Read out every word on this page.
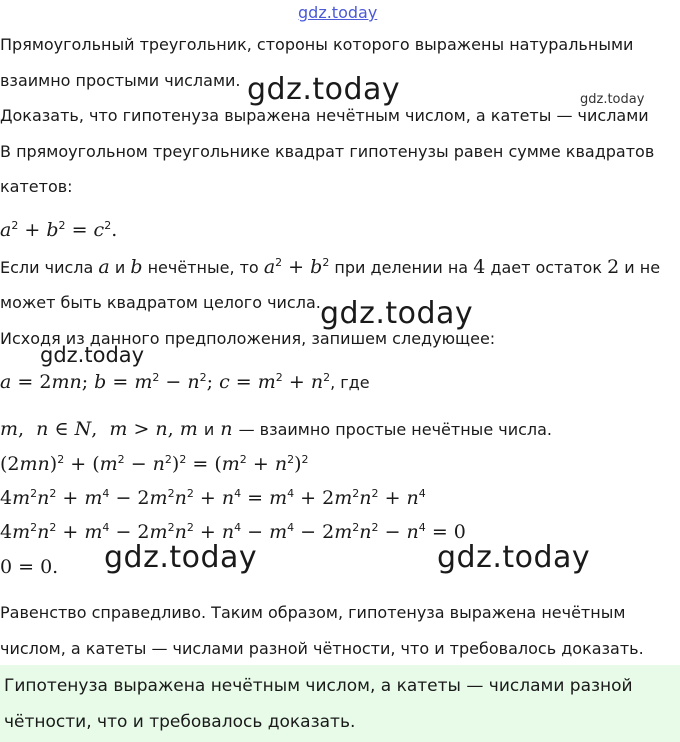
gdz.today
Прямоугольный треугольник, стороны которого выражены натуральными
взаимно простыми числами.
Доказать, что гипотенуза выражена нечётным числом, а катеты — числами
В прямоугольном треугольнике квадрат гипотенузы равен сумме квадратов
катетов:
$a^2 + b^2 = c^2$.
Если числа a и b нечётные, то $a^2 + b^2$ при делении на 4 дает остаток 2 и не
может быть квадратом целого числа.
Исходя из данного предположения, запишем следующее:
a = 2mn; $b = m^2 - n^2$; $c = m^2 + n^2$, где
m, n ∈ N, m > n, m и n — взаимно простые нечётные числа.
$(2mn)^2 + (m^2 - n^2)^2 = (m^2 + n^2)^2$
$4m^2n^2 + m^4 - 2m^2n^2 + n^4 = m^4 + 2m^2n^2 + n^4$
$4m^2n^2 + m^4 - 2m^2n^2 + n^4 - m^4 - 2m^2n^2 - n^4 = 0$
0 = 0.
Равенство справедливо. Таким образом, гипотенуза выражена нечётным
числом, а катеты — числами разной чётности, что и требовалось доказать.
Гипотенуза выражена нечётным числом, а катеты — числами разной
чётности, что и требовалось доказать.
gdz.today	gdz.today
gdz.today
gdz.today
gdz.today	gdz.today
